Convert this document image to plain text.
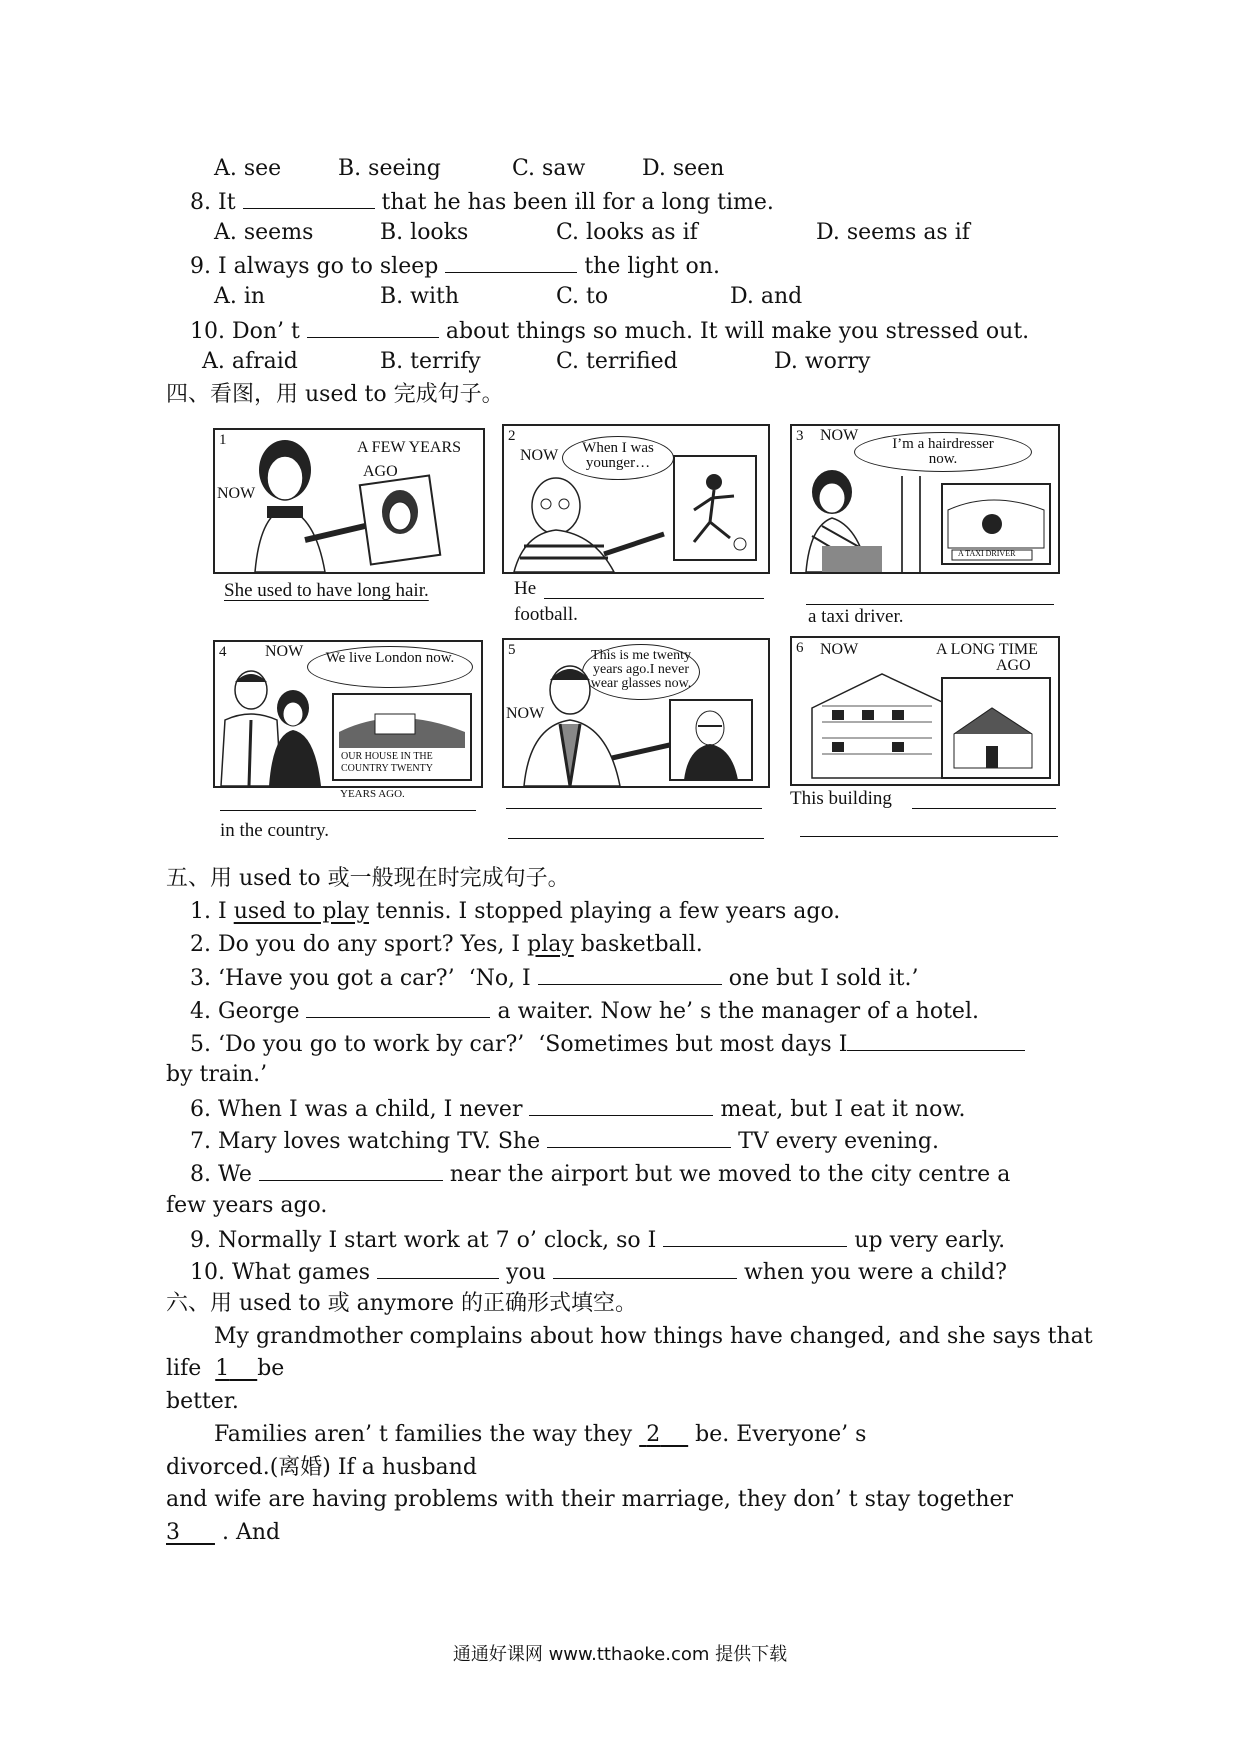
A. see	B. seeing	C. saw	D. seen
8. It	that he has been ill for a long time.
A. seems	B. looks	C. looks as if	D. seems as if
9. I always go to sleep	the light on.
A. in	B. with	C. to	D. and
10. Don’ t	about things so much. It will make you stressed out.
A. afraid	B. terrify	C. terrified	D. worry
四、看图，用 used to 完成句子。
1	A FEW YEARS
AGO
NOW
She used to have long hair.
2
NOW	When I was
younger…
He
football.
3 NOW	I’m a hairdresser
now.
A TAXI DRIVER
a taxi driver.
4 NOW	We live London now.
OUR HOUSE IN THE
COUNTRY TWENTY
YEARS AGO.
in the country.
5
NOW
This is me twenty
years ago.I never
wear glasses now.
6 NOW	A LONG TIME
AGO
This building
五、用 used to 或一般现在时完成句子。
1. I used to play tennis. I stopped playing a few years ago.
2. Do you do any sport? Yes, I play basketball.
3. ‘Have you got a car?’  ‘No, I	one but I sold it.’
4. George	a waiter. Now he’ s the manager of a hotel.
5. ‘Do you go to work by car?’  ‘Sometimes but most days I
by train.’
6. When I was a child, I never	meat, but I eat it now.
7. Mary loves watching TV. She	TV every evening.
8. We	near the airport but we moved to the city centre a
few years ago.
9. Normally I start work at 7 o’ clock, so I	up very early.
10. What games	you	when you were a child?
六、用 used to 或 anymore 的正确形式填空。
My grandmother complains about how things have changed, and she says that
life 1 be
better.
Families aren’ t families the way they 2 be. Everyone’ s
divorced.(离婚) If a husband
and wife are having problems with their marriage, they don’ t stay together
3 . And
通通好课网 www.tthaoke.com 提供下载
